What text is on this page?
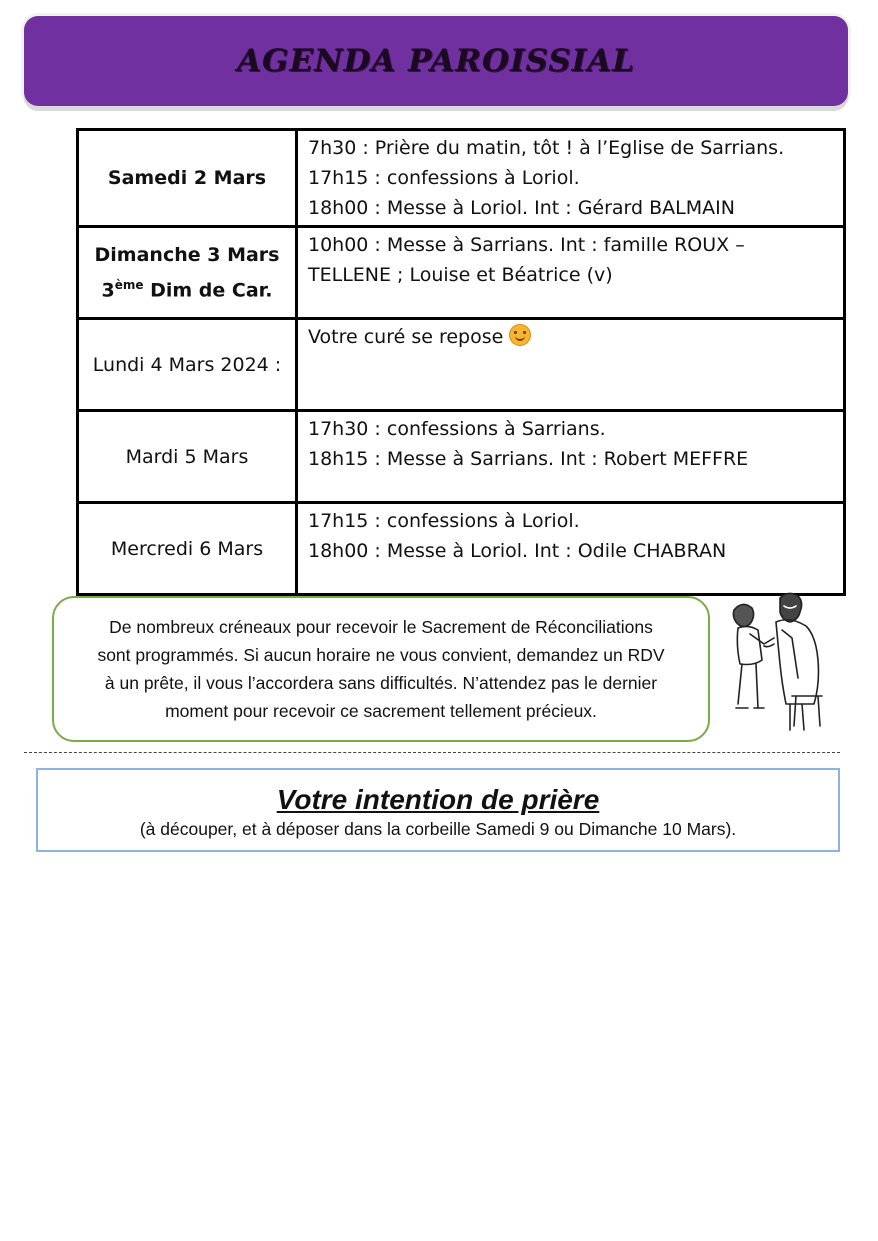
AGENDA PAROISSIAL
Samedi 2 Mars	7h30 : Prière du matin, tôt ! à l’Eglise de Sarrians.
17h15 : confessions à Loriol.
18h00 : Messe à Loriol. Int : Gérard BALMAIN

Dimanche 3 Mars
3ème Dim de Car.	10h00 : Messe à Sarrians. Int : famille ROUX –
TELLENE ; Louise et Béatrice (v)

Lundi 4 Mars 2024 :	Votre curé se repose

Mardi 5 Mars	17h30 : confessions à Sarrians.
18h15 : Messe à Sarrians. Int : Robert MEFFRE

Mercredi 6 Mars	17h15 : confessions à Loriol.
18h00 : Messe à Loriol. Int : Odile CHABRAN
De nombreux créneaux pour recevoir le Sacrement de Réconciliations
sont programmés. Si aucun horaire ne vous convient, demandez un RDV
à un prête, il vous l’accordera sans difficultés. N’attendez pas le dernier
moment pour recevoir ce sacrement tellement précieux.
Votre intention de prière
(à découper, et à déposer dans la corbeille Samedi 9 ou Dimanche 10 Mars).
